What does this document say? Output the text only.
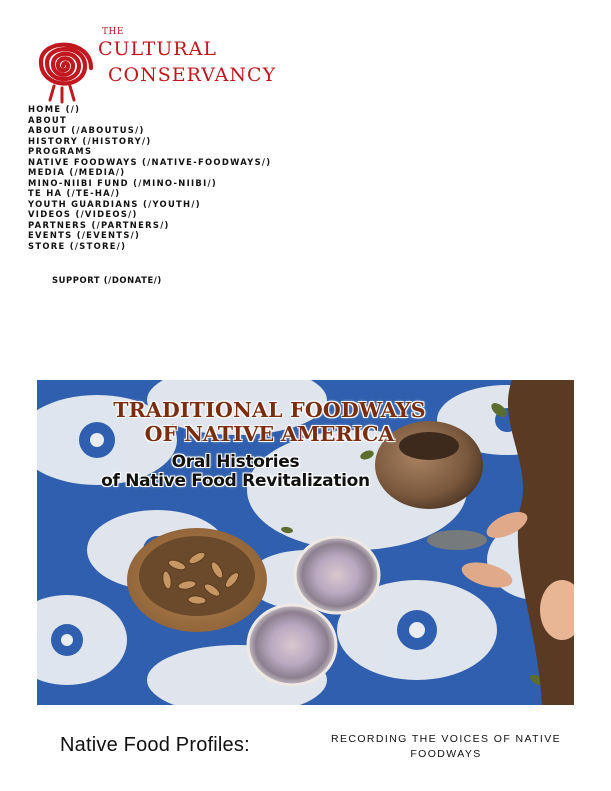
THE
CULTURAL
CONSERVANCY
HOME (/)
ABOUT
ABOUT (/ABOUTUS/)
HISTORY (/HISTORY/)
PROGRAMS
NATIVE FOODWAYS (/NATIVE-FOODWAYS/)
MEDIA (/MEDIA/)
MINO-NIIBI FUND (/MINO-NIIBI/)
TE HA (/TE-HA/)
YOUTH GUARDIANS (/YOUTH/)
VIDEOS (/VIDEOS/)
PARTNERS (/PARTNERS/)
EVENTS (/EVENTS/)
STORE (/STORE/)
SUPPORT (/DONATE/)
TRADITIONAL FOODWAYS
OF NATIVE AMERICA
Oral Histories
of Native Food Revitalization
Native Food Profiles:	RECORDING THE VOICES OF NATIVE FOODWAYS
